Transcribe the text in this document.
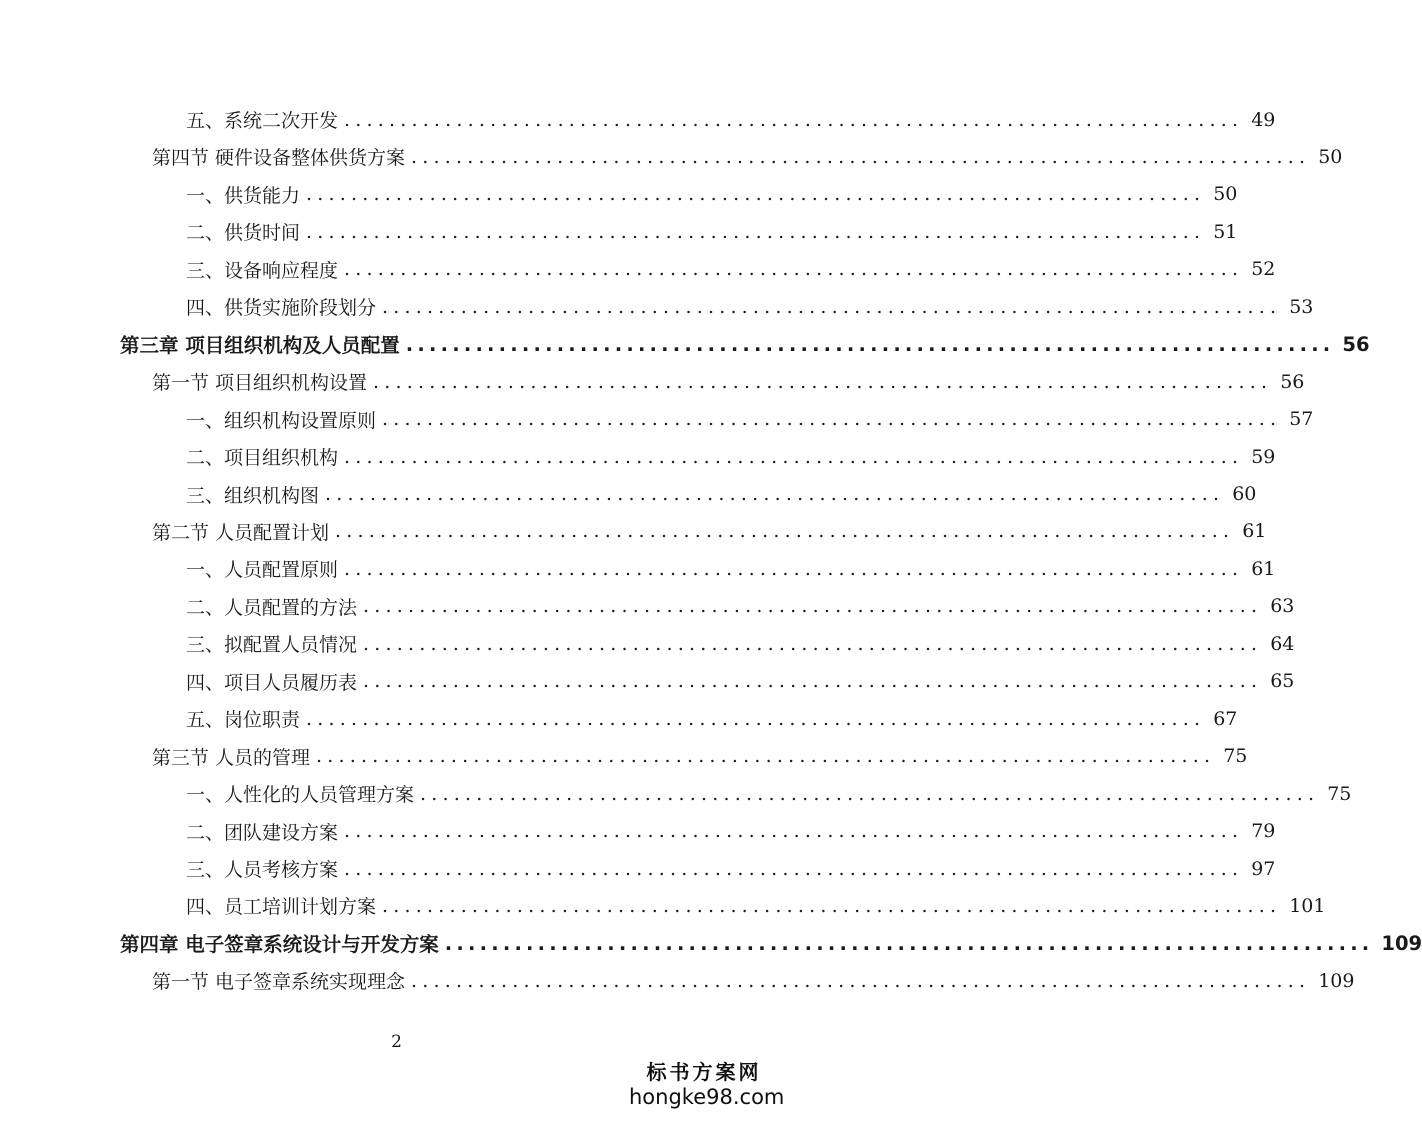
五、系统二次开发 ................................................................................ 49
第四节 硬件设备整体供货方案 ................................................................................ 50
一、供货能力 ................................................................................ 50
二、供货时间 ................................................................................ 51
三、设备响应程度 ................................................................................ 52
四、供货实施阶段划分 ................................................................................ 53
第三章 项目组织机构及人员配置 ................................................................................ 56
第一节 项目组织机构设置 ................................................................................ 56
一、组织机构设置原则 ................................................................................ 57
二、项目组织机构 ................................................................................ 59
三、组织机构图 ................................................................................ 60
第二节 人员配置计划 ................................................................................ 61
一、人员配置原则 ................................................................................ 61
二、人员配置的方法 ................................................................................ 63
三、拟配置人员情况 ................................................................................ 64
四、项目人员履历表 ................................................................................ 65
五、岗位职责 ................................................................................ 67
第三节 人员的管理 ................................................................................ 75
一、人性化的人员管理方案 ................................................................................ 75
二、团队建设方案 ................................................................................ 79
三、人员考核方案 ................................................................................ 97
四、员工培训计划方案 ................................................................................ 101
第四章 电子签章系统设计与开发方案 ................................................................................ 109
第一节 电子签章系统实现理念 ................................................................................ 109
2
标书方案网
hongke98.com
